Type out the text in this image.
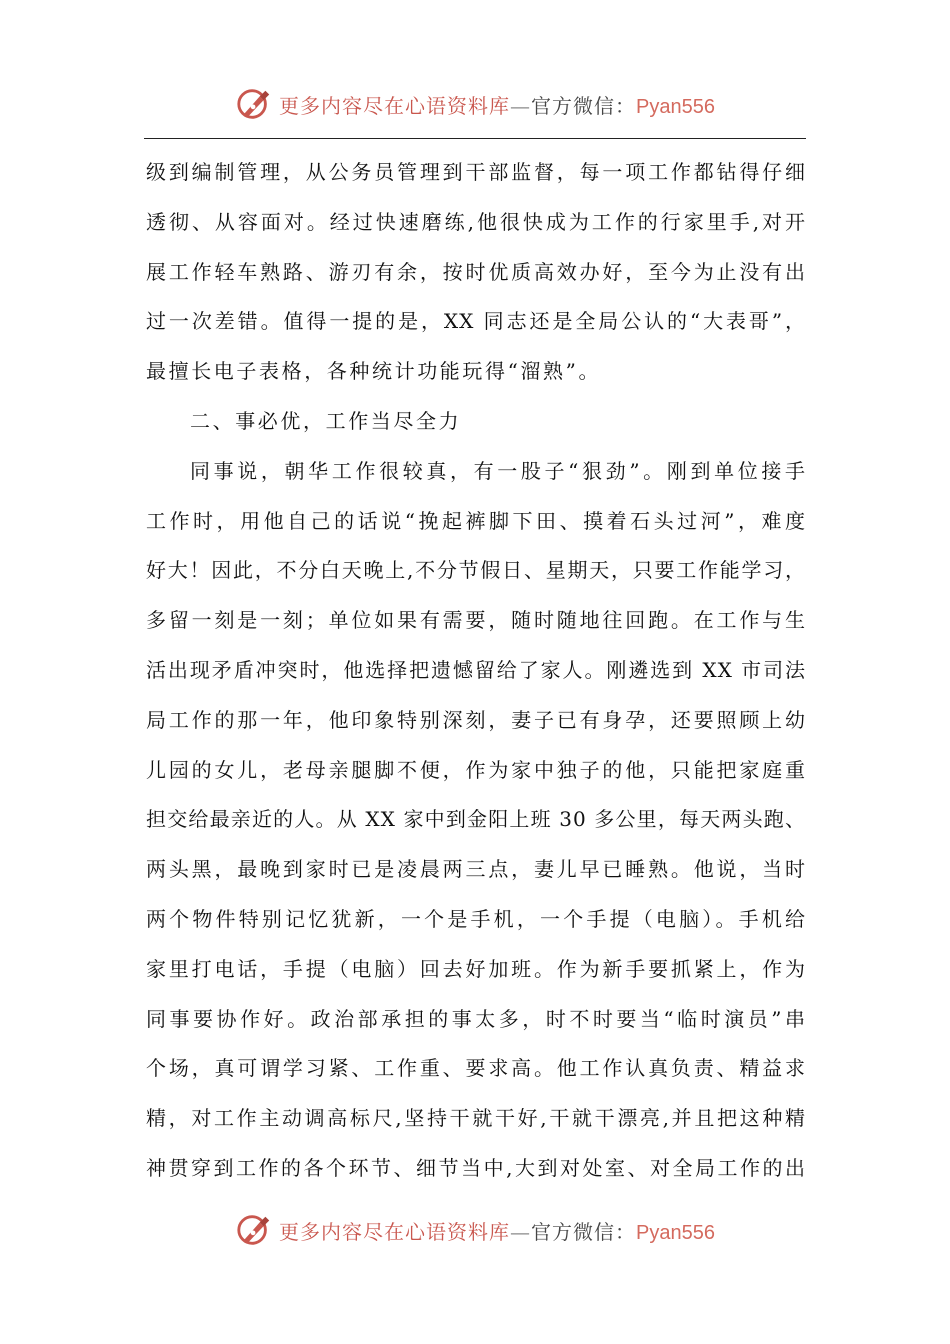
更多内容尽在心语资料库—官方微信：Pyan556
级到编制管理，从公务员管理到干部监督，每一项工作都钻得仔细
透彻、从容面对。经过快速磨练,他很快成为工作的行家里手,对开
展工作轻车熟路、游刃有余，按时优质高效办好，至今为止没有出
过一次差错。值得一提的是，XX 同志还是全局公认的“大表哥”，
最擅长电子表格，各种统计功能玩得“溜熟”。
二、事必优，工作当尽全力
同事说，朝华工作很较真，有一股子“狠劲”。刚到单位接手
工作时，用他自己的话说“挽起裤脚下田、摸着石头过河”，难度
好大！因此，不分白天晚上,不分节假日、星期天，只要工作能学习，
多留一刻是一刻；单位如果有需要，随时随地往回跑。在工作与生
活出现矛盾冲突时，他选择把遗憾留给了家人。刚遴选到 XX 市司法
局工作的那一年，他印象特别深刻，妻子已有身孕，还要照顾上幼
儿园的女儿，老母亲腿脚不便，作为家中独子的他，只能把家庭重
担交给最亲近的人。从 XX 家中到金阳上班 30 多公里，每天两头跑、
两头黑，最晚到家时已是凌晨两三点，妻儿早已睡熟。他说，当时
两个物件特别记忆犹新，一个是手机，一个手提（电脑）。手机给
家里打电话，手提（电脑）回去好加班。作为新手要抓紧上，作为
同事要协作好。政治部承担的事太多，时不时要当“临时演员”串
个场，真可谓学习紧、工作重、要求高。他工作认真负责、精益求
精，对工作主动调高标尺,坚持干就干好,干就干漂亮,并且把这种精
神贯穿到工作的各个环节、细节当中,大到对处室、对全局工作的出
更多内容尽在心语资料库—官方微信：Pyan556
